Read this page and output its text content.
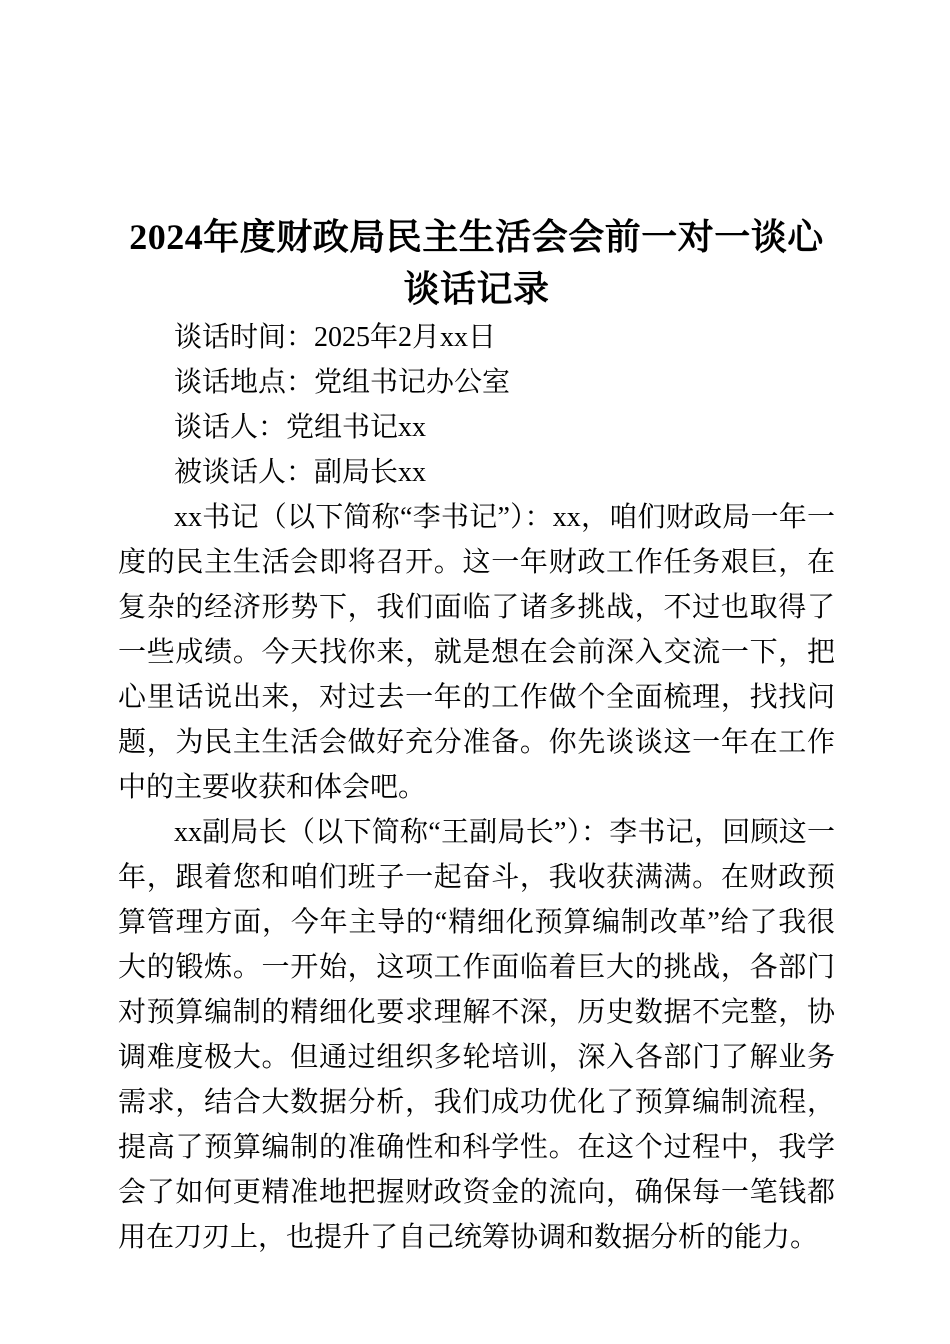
2024年度财政局民主生活会会前一对一谈心谈话记录

谈话时间：2025年2月xx日

谈话地点：党组书记办公室

谈话人：党组书记xx

被谈话人：副局长xx

xx书记（以下简称“李书记”）：xx，咱们财政局一年一度的民主生活会即将召开。这一年财政工作任务艰巨，在复杂的经济形势下，我们面临了诸多挑战，不过也取得了一些成绩。今天找你来，就是想在会前深入交流一下，把心里话说出来，对过去一年的工作做个全面梳理，找找问题，为民主生活会做好充分准备。你先谈谈这一年在工作中的主要收获和体会吧。

xx副局长（以下简称“王副局长”）：李书记，回顾这一年，跟着您和咱们班子一起奋斗，我收获满满。在财政预算管理方面，今年主导的“精细化预算编制改革”给了我很大的锻炼。一开始，这项工作面临着巨大的挑战，各部门对预算编制的精细化要求理解不深，历史数据不完整，协调难度极大。但通过组织多轮培训，深入各部门了解业务需求，结合大数据分析，我们成功优化了预算编制流程，提高了预算编制的准确性和科学性。在这个过程中，我学会了如何更精准地把握财政资金的流向，确保每一笔钱都用在刀刃上，也提升了自己统筹协调和数据分析的能力。
